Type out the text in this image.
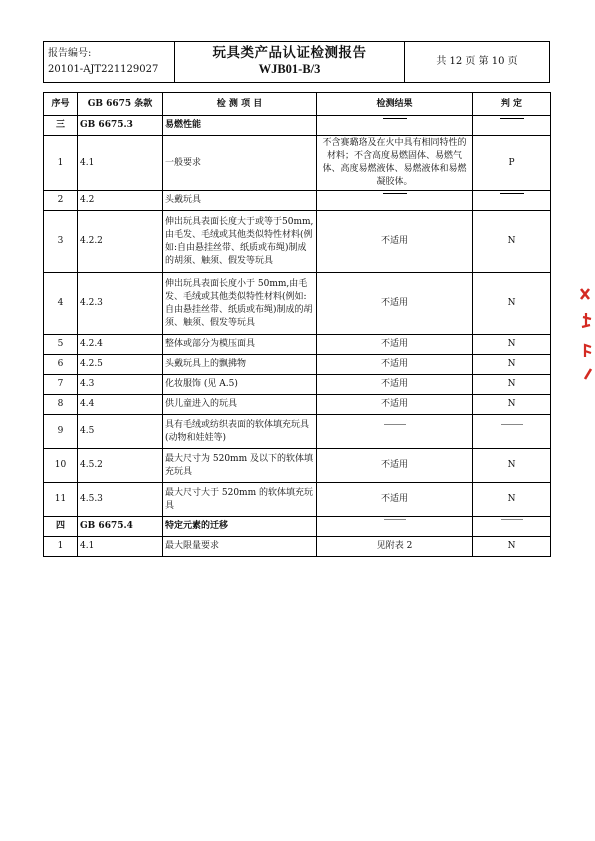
报告编号:
20101-AJT221129027
玩具类产品认证检测报告
WJB01-B/3
共 12 页 第 10 页
序号	GB 6675 条款	检 测 项 目	检测结果	判 定
三	GB 6675.3	易燃性能		
1	4.1	一般要求	不含赛璐珞及在火中具有相同特性的材料；不含高度易燃固体、易燃气体、高度易燃液体、易燃液体和易燃凝胶体。	P
2	4.2	头戴玩具		
3	4.2.2	伸出玩具表面长度大于或等于50mm,由毛发、毛绒或其他类似特性材料(例如:自由悬挂丝带、纸质或布绳)制成的胡须、触须、假发等玩具	不适用	N
4	4.2.3	伸出玩具表面长度小于 50mm,由毛发、毛绒或其他类似特性材料(例如:自由悬挂丝带、纸质或布绳)制成的胡须、触须、假发等玩具	不适用	N
5	4.2.4	整体或部分为模压面具	不适用	N
6	4.2.5	头戴玩具上的飘拂物	不适用	N
7	4.3	化妆服饰 (见 A.5)	不适用	N
8	4.4	供儿童进入的玩具	不适用	N
9	4.5	具有毛绒或纺织表面的软体填充玩具(动物和娃娃等)		
10	4.5.2	最大尺寸为 520mm 及以下的软体填充玩具	不适用	N
11	4.5.3	最大尺寸大于 520mm 的软体填充玩具	不适用	N
四	GB 6675.4	特定元素的迁移		
1	4.1	最大限量要求	见附表 2	N
